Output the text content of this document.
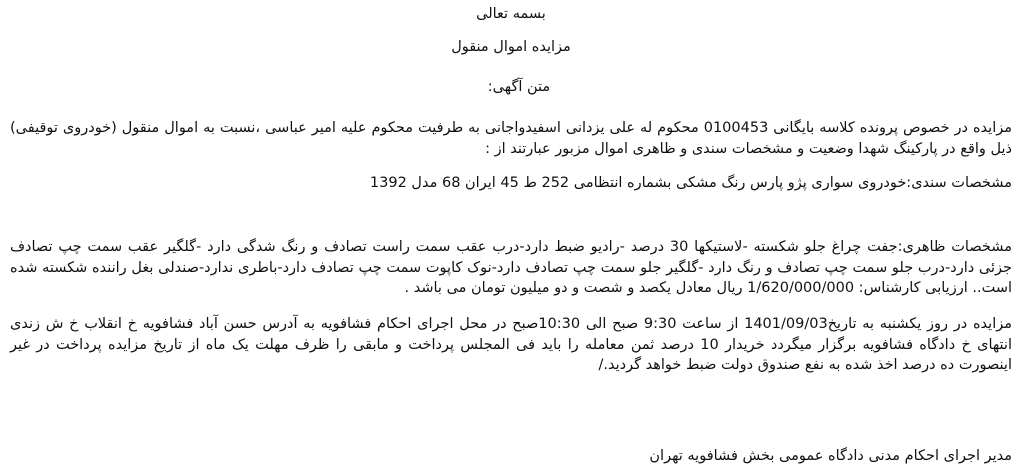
بسمه تعالی
مزایده اموال منقول
متن آگهی:

مزایده در خصوص پرونده کلاسه بایگانی 0100453 محکوم له علی یزدانی اسفیدواجانی به طرفیت محکوم علیه امیر عباسی ،نسبت به اموال منقول (خودروی توقیفی) ذیل واقع در پارکینگ شهدا وضعیت و مشخصات سندی و ظاهری اموال مزبور عبارتند از :

مشخصات سندی:خودروی سواری پژو پارس رنگ مشکی بشماره انتظامی 252 ط 45 ایران 68 مدل 1392

مشخصات ظاهری:جفت چراغ جلو شکسته -لاستیکها 30 درصد -رادیو ضبط دارد-درب عقب سمت راست تصادف و رنگ شدگی دارد -گلگیر عقب سمت چپ تصادف جزئی دارد-درب جلو سمت چپ تصادف و رنگ دارد -گلگیر جلو سمت چپ تصادف دارد-نوک کاپوت سمت چپ تصادف دارد-باطری ندارد-صندلی بغل راننده شکسته شده است.. ارزیابی کارشناس: 1/620/000/000 ریال معادل یکصد و شصت و دو میلیون تومان می باشد .

مزایده در روز یکشنبه به تاریخ1401/09/03 از ساعت 9:30 صبح الی 10:30صبح در محل اجرای احکام فشافویه به آدرس حسن آباد فشافویه خ انقلاب خ ش زندی انتهای خ دادگاه فشافویه برگزار میگردد خریدار 10 درصد ثمن معامله را باید فی المجلس پرداخت و مابقی را ظرف مهلت یک ماه از تاریخ مزایده پرداخت در غیر اینصورت ده درصد اخذ شده به نفع صندوق دولت ضبط خواهد گردید./

مدیر اجرای احکام مدنی دادگاه عمومی بخش فشافویه تهران
